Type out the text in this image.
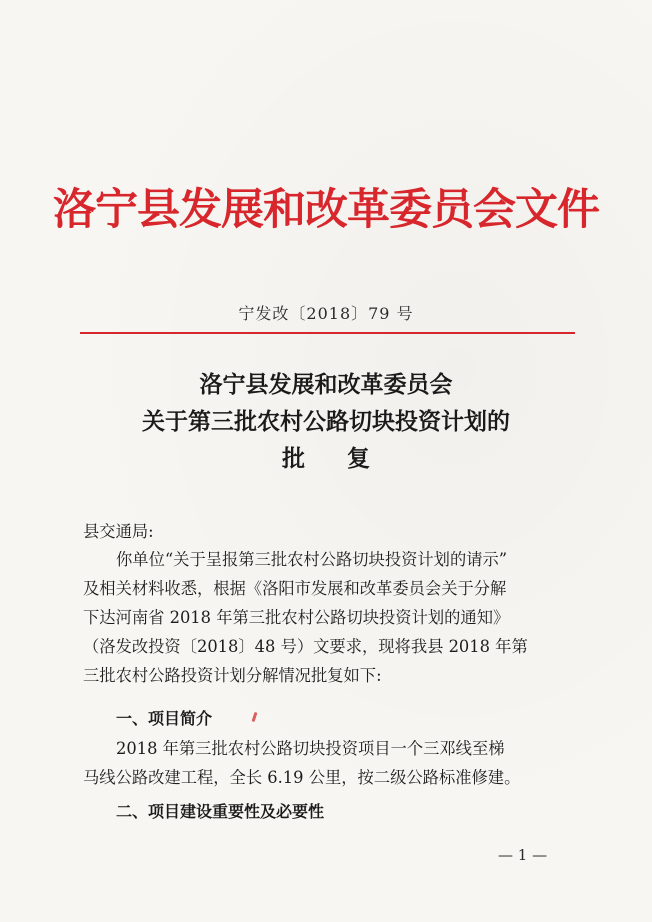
洛宁县发展和改革委员会文件
宁发改〔2018〕79 号
洛宁县发展和改革委员会
关于第三批农村公路切块投资计划的
批复
县交通局:
你单位“关于呈报第三批农村公路切块投资计划的请示”
及相关材料收悉，根据《洛阳市发展和改革委员会关于分解
下达河南省 2018 年第三批农村公路切块投资计划的通知》
（洛发改投资〔2018〕48 号）文要求，现将我县 2018 年第
三批农村公路投资计划分解情况批复如下:
一、项目简介
2018 年第三批农村公路切块投资项目一个三邓线至梯
马线公路改建工程，全长 6.19 公里，按二级公路标准修建。
二、项目建设重要性及必要性
— 1 —
